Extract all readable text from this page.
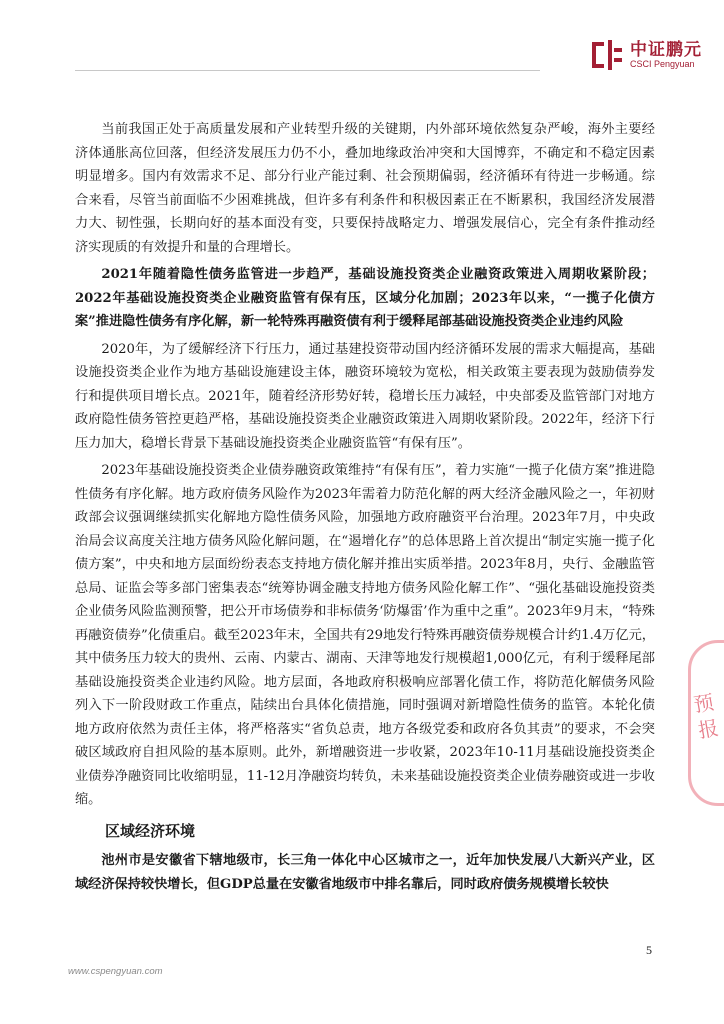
中证鹏元
CSCI Pengyuan

当前我国正处于高质量发展和产业转型升级的关键期，内外部环境依然复杂严峻，海外主要经济体通胀高位回落，但经济发展压力仍不小，叠加地缘政治冲突和大国博弈，不确定和不稳定因素明显增多。国内有效需求不足、部分行业产能过剩、社会预期偏弱，经济循环有待进一步畅通。综合来看，尽管当前面临不少困难挑战，但许多有利条件和积极因素正在不断累积，我国经济发展潜力大、韧性强，长期向好的基本面没有变，只要保持战略定力、增强发展信心，完全有条件推动经济实现质的有效提升和量的合理增长。

2021年随着隐性债务监管进一步趋严，基础设施投资类企业融资政策进入周期收紧阶段；2022年基础设施投资类企业融资监管有保有压，区域分化加剧；2023年以来，“一揽子化债方案”推进隐性债务有序化解，新一轮特殊再融资债有利于缓释尾部基础设施投资类企业违约风险

2020年，为了缓解经济下行压力，通过基建投资带动国内经济循环发展的需求大幅提高，基础设施投资类企业作为地方基础设施建设主体，融资环境较为宽松，相关政策主要表现为鼓励债券发行和提供项目增长点。2021年，随着经济形势好转，稳增长压力减轻，中央部委及监管部门对地方政府隐性债务管控更趋严格，基础设施投资类企业融资政策进入周期收紧阶段。2022年，经济下行压力加大，稳增长背景下基础设施投资类企业融资监管“有保有压”。

2023年基础设施投资类企业债券融资政策维持“有保有压”，着力实施“一揽子化债方案”推进隐性债务有序化解。地方政府债务风险作为2023年需着力防范化解的两大经济金融风险之一，年初财政部会议强调继续抓实化解地方隐性债务风险，加强地方政府融资平台治理。2023年7月，中央政治局会议高度关注地方债务风险化解问题，在“遏增化存”的总体思路上首次提出“制定实施一揽子化债方案”，中央和地方层面纷纷表态支持地方债化解并推出实质举措。2023年8月，央行、金融监管总局、证监会等多部门密集表态“统筹协调金融支持地方债务风险化解工作”、“强化基础设施投资类企业债务风险监测预警，把公开市场债券和非标债务‘防爆雷’作为重中之重”。2023年9月末，“特殊再融资债券”化债重启。截至2023年末，全国共有29地发行特殊再融资债券规模合计约1.4万亿元，其中债务压力较大的贵州、云南、内蒙古、湖南、天津等地发行规模超1,000亿元，有利于缓释尾部基础设施投资类企业违约风险。地方层面，各地政府积极响应部署化债工作，将防范化解债务风险列入下一阶段财政工作重点，陆续出台具体化债措施，同时强调对新增隐性债务的监管。本轮化债地方政府依然为责任主体，将严格落实“省负总责，地方各级党委和政府各负其责”的要求，不会突破区域政府自担风险的基本原则。此外，新增融资进一步收紧，2023年10-11月基础设施投资类企业债券净融资同比收缩明显，11-12月净融资均转负，未来基础设施投资类企业债券融资或进一步收缩。

区域经济环境

池州市是安徽省下辖地级市，长三角一体化中心区城市之一，近年加快发展八大新兴产业，区域经济保持较快增长，但GDP总量在安徽省地级市中排名靠后，同时政府债务规模增长较快

预 报
5
www.cspengyuan.com
